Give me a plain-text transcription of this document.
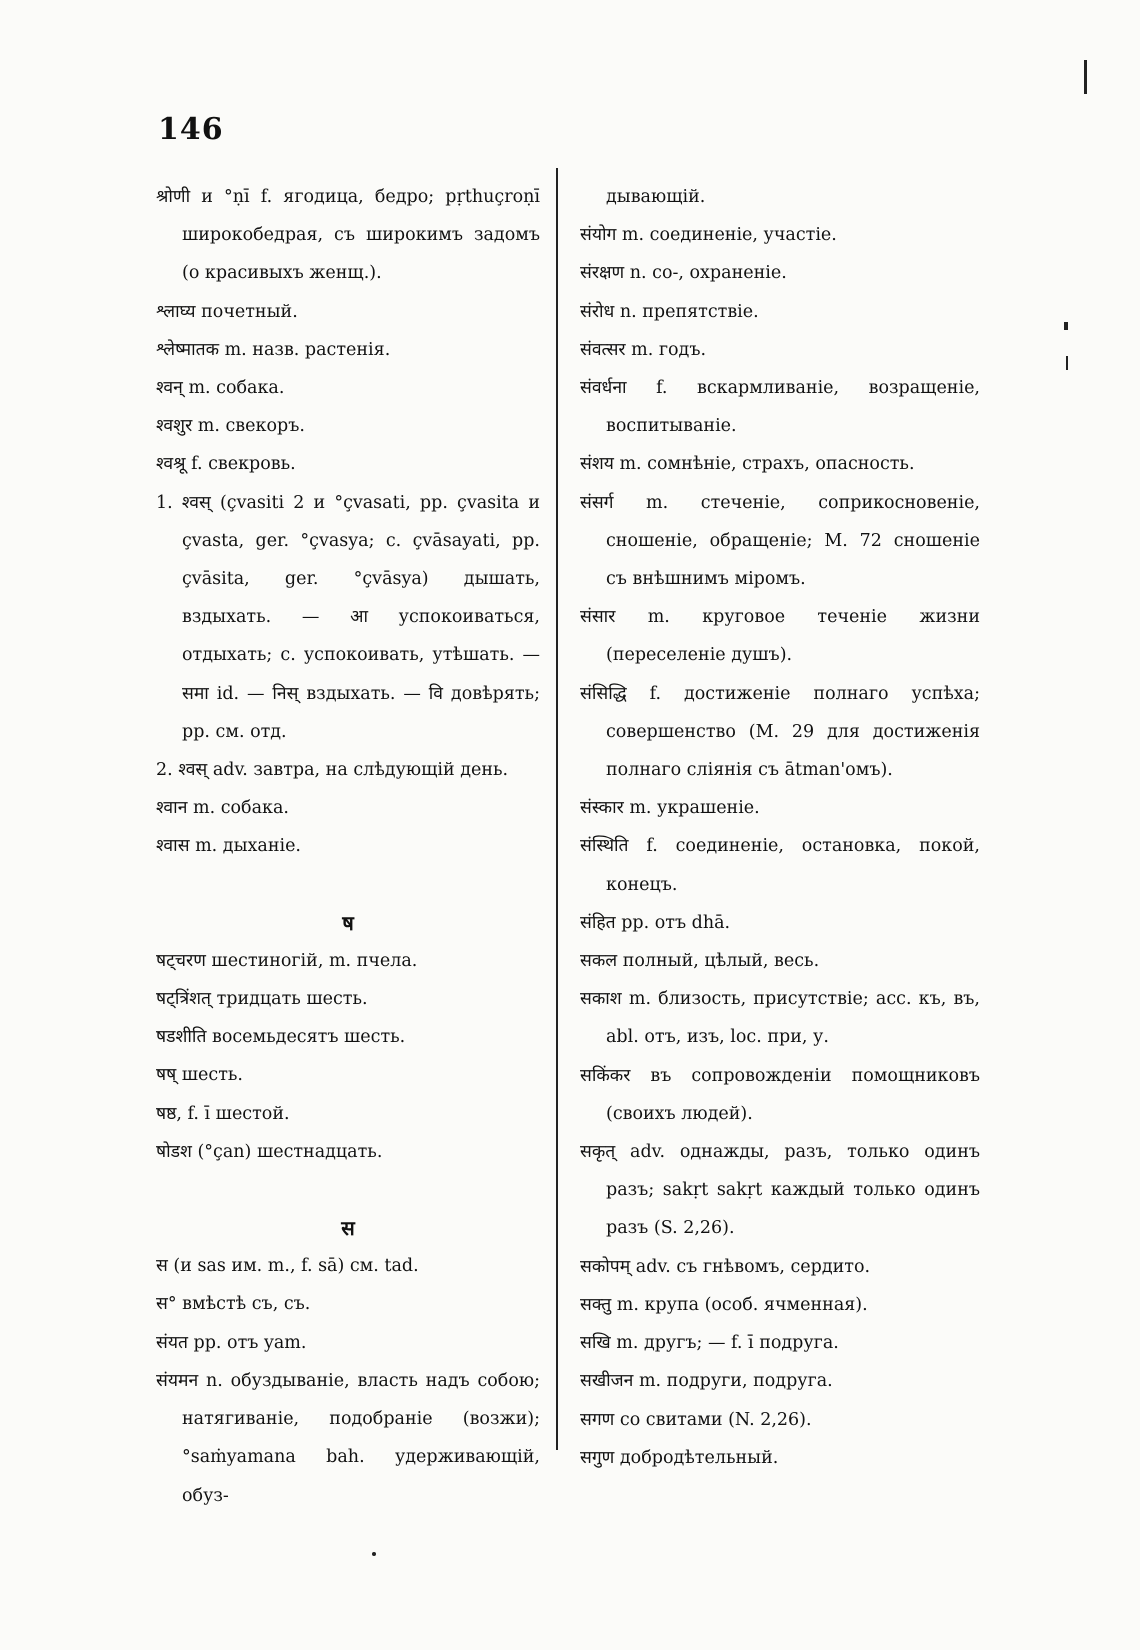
146

श्रोणी и °ṇī f. ягодица, бедро; pṛthuçroṇī широкобедрая, съ широкимъ задомъ (о красивыхъ женщ.).

श्लाघ्य почетный.

श्लेष्मातक m. назв. растенія.

श्वन् m. собака.

श्वशुर m. свекоръ.

श्वश्रू f. свекровь.

1. श्वस् (çvasiti 2 и °çvasati, pp. çvasita и çvasta, ger. °çvasya; c. çvāsayati, pp. çvāsita, ger. °çvāsya) дышать, вздыхать. — आ успокоиваться, отдыхать; c. успокоивать, утѣшать. — समा id. — निस् вздыхать. — वि довѣрять; pp. см. отд.

2. श्वस् adv. завтра, на слѣдующій день.

श्वान m. собака.

श्वास m. дыханіе.

ष

षट्चरण шестиногій, m. пчела.

षट्त्रिंशत् тридцать шесть.

षडशीति восемьдесятъ шесть.

षष् шесть.

षष्ठ, f. ī шестой.

षोडश (°çan) шестнадцать.

स

स (и sas им. m., f. sā) см. tad.

स° вмѣстѣ съ, съ.

संयत pp. отъ yam.

संयमन n. обуздываніе, власть надъ собою; натягиваніе, подобраніе (возжи); °saṁyamana bah. удерживающій, обуз-

дывающій.

संयोग m. соединеніе, участіе.

संरक्षण n. со-, охраненіе.

संरोध n. препятствіе.

संवत्सर m. годъ.

संवर्धना f. вскармливаніе, возращеніе, воспитываніе.

संशय m. сомнѣніе, страхъ, опасность.

संसर्ग m. стеченіе, соприкосновеніе, сношеніе, обращеніе; M. 72 сношеніе съ внѣшнимъ міромъ.

संसार m. круговое теченіе жизни (переселеніе душъ).

संसिद्धि f. достиженіе полнаго успѣха; совершенство (M. 29 для достиженія полнаго сліянія съ ātman'омъ).

संस्कार m. украшеніе.

संस्थिति f. соединеніе, остановка, покой, конецъ.

संहित pp. отъ dhā.

सकल полный, цѣлый, весь.

सकाश m. близость, присутствіе; acc. къ, въ, abl. отъ, изъ, loc. при, у.

सकिंकर въ сопровожденіи помощниковъ (своихъ людей).

सकृत् adv. однажды, разъ, только одинъ разъ; sakṛt sakṛt каждый только одинъ разъ (S. 2,26).

सकोपम् adv. съ гнѣвомъ, сердито.

सक्तु m. крупа (особ. ячменная).

सखि m. другъ; — f. ī подруга.

सखीजन m. подруги, подруга.

सगण со свитами (N. 2,26).

सगुण добродѣтельный.
